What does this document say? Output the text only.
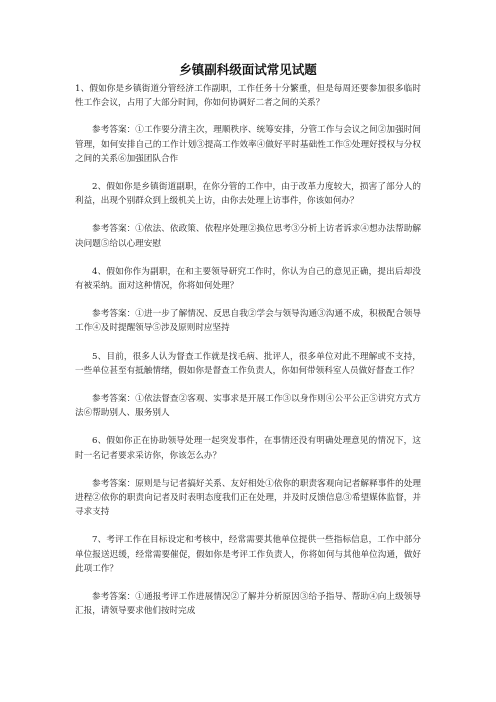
乡镇副科级面试常见试题

1、假如你是乡镇街道分管经济工作副职，工作任务十分繁重，但是每周还要参加很多临时性工作会议，占用了大部分时间，你如何协调好二者之间的关系？

参考答案：①工作要分清主次，理顺秩序、统筹安排，分管工作与会议之间②加强时间管理，如何安排自己的工作计划③提高工作效率④做好平时基础性工作⑤处理好授权与分权之间的关系⑥加强团队合作

2、假如你是乡镇街道副职，在你分管的工作中，由于改革力度较大，损害了部分人的利益，出现个别群众到上级机关上访，由你去处理上访事件，你该如何办？

参考答案：①依法、依政策、依程序处理②换位思考③分析上访者诉求④想办法帮助解决问题⑤给以心理安慰

4、假如你作为副职，在和主要领导研究工作时，你认为自己的意见正确，提出后却没有被采纳。面对这种情况，你将如何处理？

参考答案：①进一步了解情况、反思自我②学会与领导沟通③沟通不成，积极配合领导工作④及时提醒领导⑤涉及原则时应坚持

5、目前，很多人认为督查工作就是找毛病、批评人，很多单位对此不理解或不支持，一些单位甚至有抵触情绪，假如你是督查工作负责人，你如何带领科室人员做好督查工作？

参考答案：①依法督查②客观、实事求是开展工作③以身作则④公平公正⑤讲究方式方法⑥帮助别人、服务别人

6、假如你正在协助领导处理一起突发事件，在事情还没有明确处理意见的情况下，这时一名记者要求采访你，你该怎么办？

参考答案：原则是与记者搞好关系、友好相处①依你的职责客观向记者解释事件的处理进程②依你的职责向记者及时表明态度我们正在处理，并及时反馈信息③希望媒体监督，并寻求支持

7、考评工作在目标设定和考核中，经常需要其他单位提供一些指标信息，工作中部分单位报送迟缓，经常需要催促，假如你是考评工作负责人，你将如何与其他单位沟通，做好此项工作？

参考答案：①通报考评工作进展情况②了解并分析原因③给予指导、帮助④向上级领导汇报，请领导要求他们按时完成
